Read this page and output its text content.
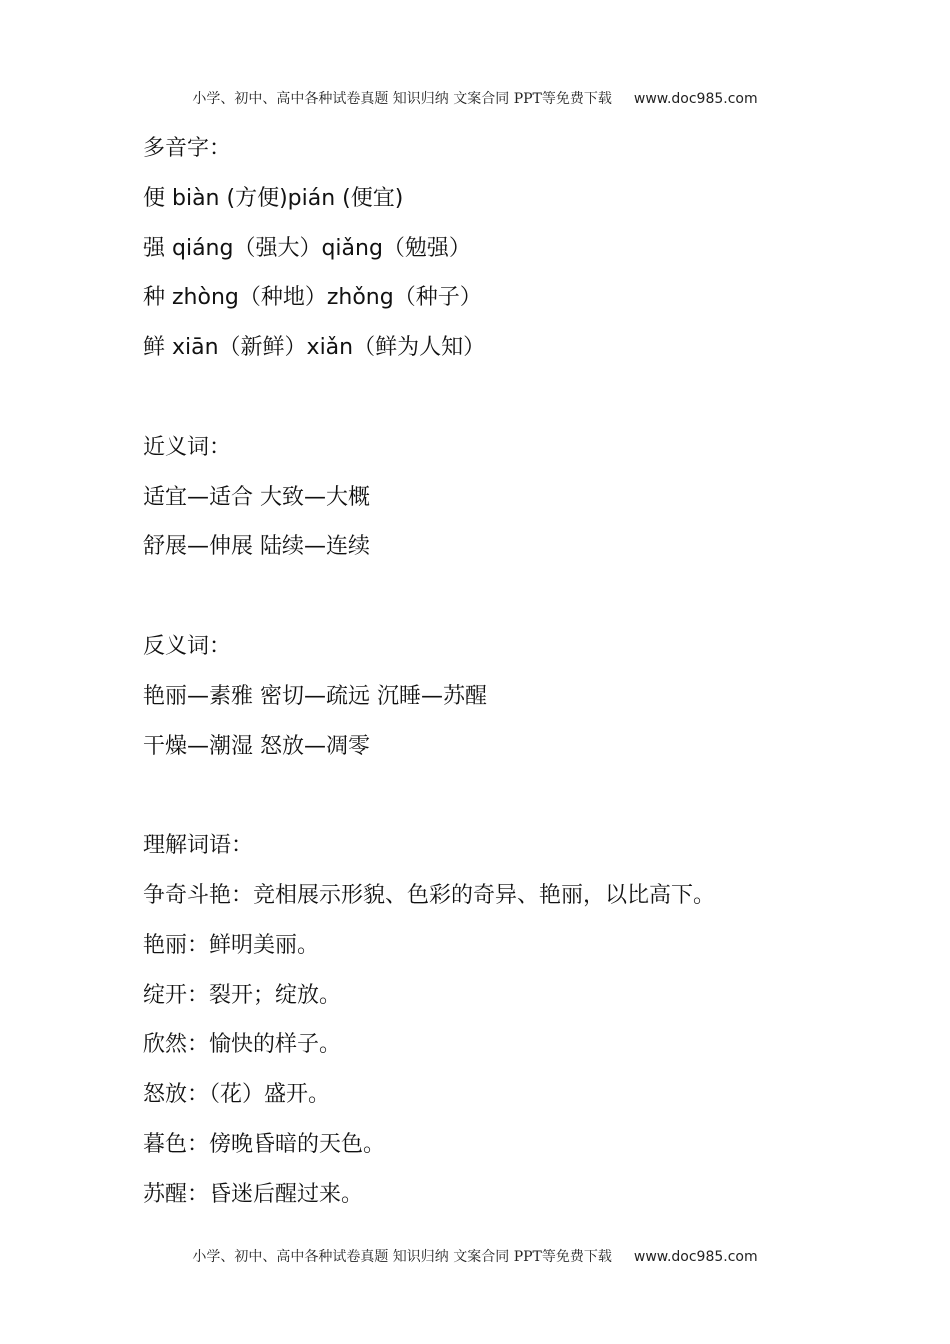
小学、初中、高中各种试卷真题 知识归纳 文案合同 PPT等免费下载 www.doc985.com
多音字：
便 biàn (方便)pián (便宜)
强 qiáng（强大）qiǎng（勉强）
种 zhòng（种地）zhǒng（种子）
鲜 xiān（新鲜）xiǎn（鲜为人知）
近义词：
适宜—适合 大致—大概
舒展—伸展 陆续—连续
反义词：
艳丽—素雅 密切—疏远 沉睡—苏醒
干燥—潮湿 怒放—凋零
理解词语：
争奇斗艳：竞相展示形貌、色彩的奇异、艳丽，以比高下。
艳丽：鲜明美丽。
绽开：裂开；绽放。
欣然：愉快的样子。
怒放：（花）盛开。
暮色：傍晚昏暗的天色。
苏醒：昏迷后醒过来。
小学、初中、高中各种试卷真题 知识归纳 文案合同 PPT等免费下载 www.doc985.com
